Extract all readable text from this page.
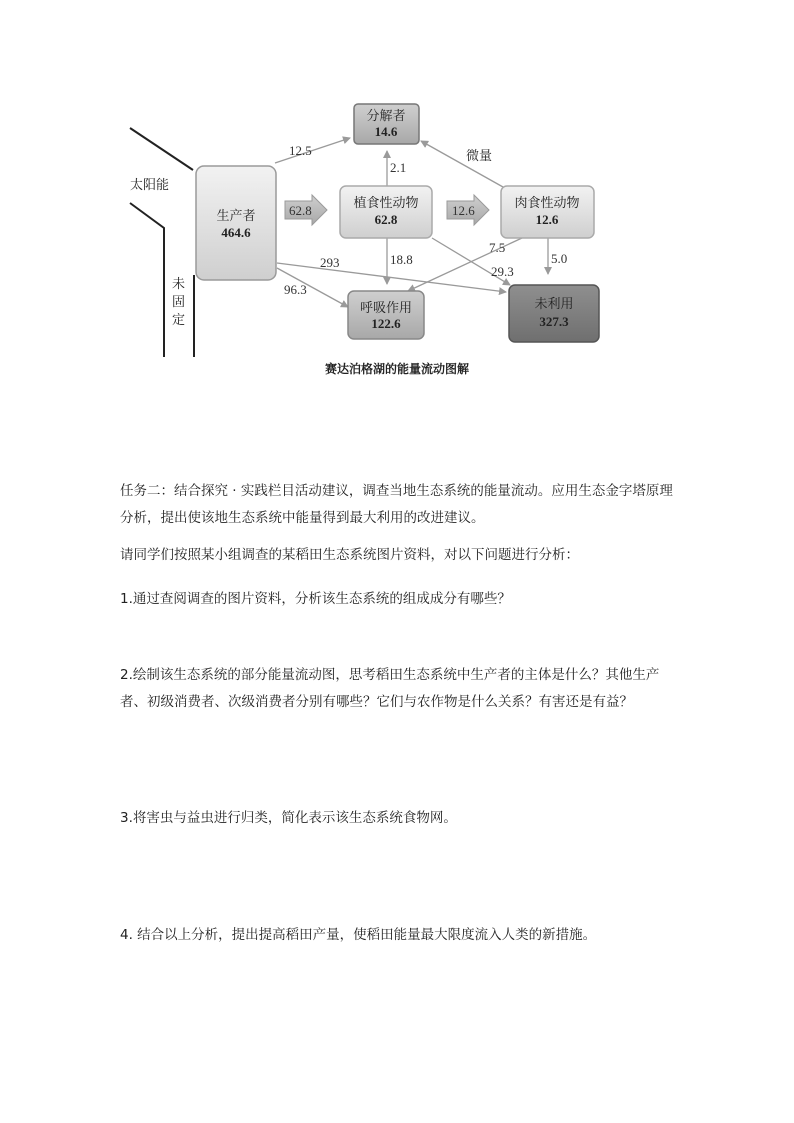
太阳能
未
固
定
62.8	12.6
12.5
2.1
微量
18.8
7.5
29.3
5.0
293
96.3
生产者
464.6
分解者
14.6
植食性动物
62.8
肉食性动物
12.6
呼吸作用
122.6
未利用
327.3
赛达泊格湖的能量流动图解

任务二：结合探究 · 实践栏目活动建议，调查当地生态系统的能量流动。应用生态金字塔原理分析，提出使该地生态系统中能量得到最大利用的改进建议。

请同学们按照某小组调查的某稻田生态系统图片资料，对以下问题进行分析：

1.通过查阅调查的图片资料，分析该生态系统的组成成分有哪些？

2.绘制该生态系统的部分能量流动图，思考稻田生态系统中生产者的主体是什么？其他生产者、初级消费者、次级消费者分别有哪些？它们与农作物是什么关系？有害还是有益？

3.将害虫与益虫进行归类，简化表示该生态系统食物网。

4. 结合以上分析，提出提高稻田产量，使稻田能量最大限度流入人类的新措施。
